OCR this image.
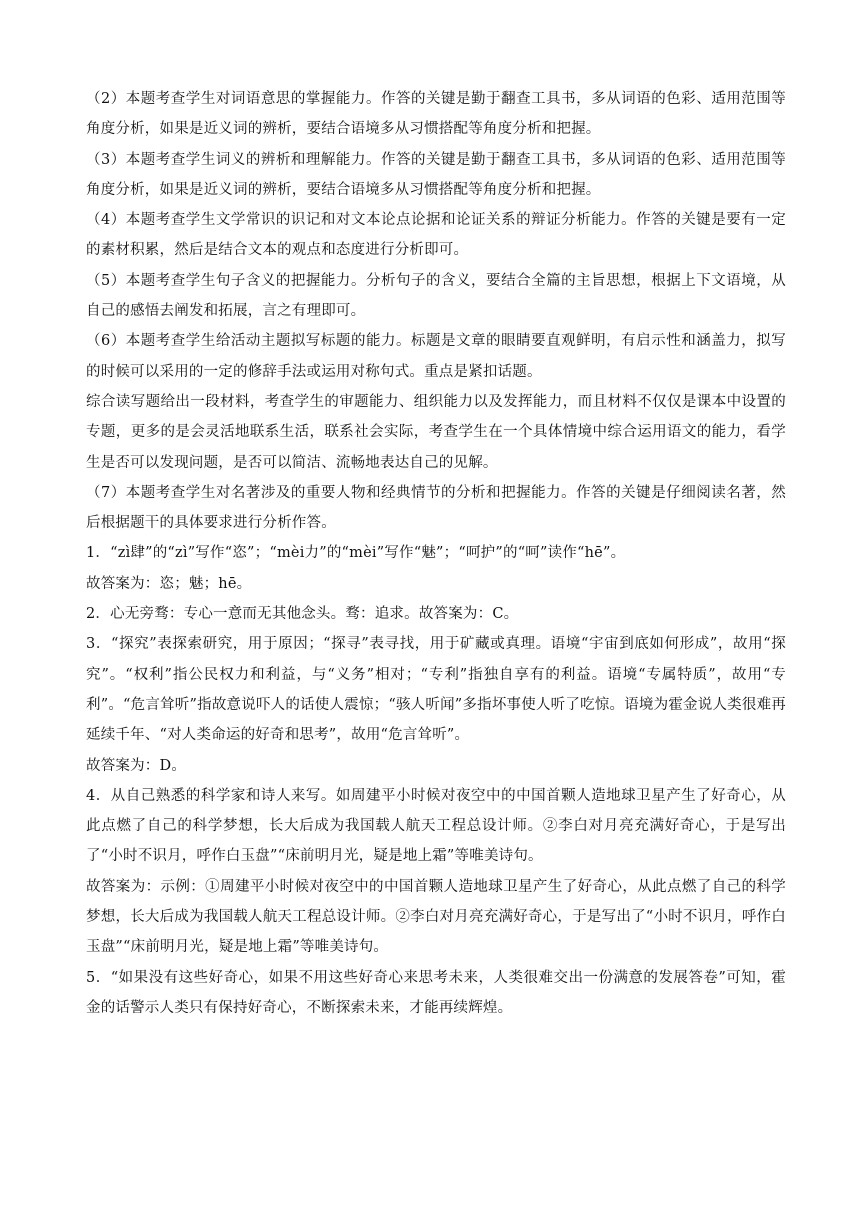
（2）本题考查学生对词语意思的掌握能力。作答的关键是勤于翻查工具书，多从词语的色彩、适用范围等角度分析，如果是近义词的辨析，要结合语境多从习惯搭配等角度分析和把握。

（3）本题考查学生词义的辨析和理解能力。作答的关键是勤于翻查工具书，多从词语的色彩、适用范围等角度分析，如果是近义词的辨析，要结合语境多从习惯搭配等角度分析和把握。

（4）本题考查学生文学常识的识记和对文本论点论据和论证关系的辩证分析能力。作答的关键是要有一定的素材积累，然后是结合文本的观点和态度进行分析即可。

（5）本题考查学生句子含义的把握能力。分析句子的含义，要结合全篇的主旨思想，根据上下文语境，从自己的感悟去阐发和拓展，言之有理即可。

（6）本题考查学生给活动主题拟写标题的能力。标题是文章的眼睛要直观鲜明，有启示性和涵盖力，拟写的时候可以采用的一定的修辞手法或运用对称句式。重点是紧扣话题。

综合读写题给出一段材料，考查学生的审题能力、组织能力以及发挥能力，而且材料不仅仅是课本中设置的专题，更多的是会灵活地联系生活，联系社会实际，考查学生在一个具体情境中综合运用语文的能力，看学生是否可以发现问题，是否可以简洁、流畅地表达自己的见解。

（7）本题考查学生对名著涉及的重要人物和经典情节的分析和把握能力。作答的关键是仔细阅读名著，然后根据题干的具体要求进行分析作答。

1．“zì肆”的“zì”写作“恣”；“mèi力”的“mèi”写作“魅”；“呵护”的“呵”读作“hē”。

故答案为：恣；魅；hē。

2．心无旁骛：专心一意而无其他念头。骛：追求。故答案为：C。

3．“探究”表探索研究，用于原因；“探寻”表寻找，用于矿藏或真理。语境“宇宙到底如何形成”，故用“探究”。“权利”指公民权力和利益，与“义务”相对；“专利”指独自享有的利益。语境“专属特质”，故用“专利”。“危言耸听”指故意说吓人的话使人震惊；“骇人听闻”多指坏事使人听了吃惊。语境为霍金说人类很难再延续千年、“对人类命运的好奇和思考”，故用“危言耸听”。

故答案为：D。

4．从自己熟悉的科学家和诗人来写。如周建平小时候对夜空中的中国首颗人造地球卫星产生了好奇心，从此点燃了自己的科学梦想，长大后成为我国载人航天工程总设计师。②李白对月亮充满好奇心，于是写出了“小时不识月，呼作白玉盘”“床前明月光，疑是地上霜”等唯美诗句。

故答案为：示例：①周建平小时候对夜空中的中国首颗人造地球卫星产生了好奇心，从此点燃了自己的科学梦想，长大后成为我国载人航天工程总设计师。②李白对月亮充满好奇心，于是写出了“小时不识月，呼作白玉盘”“床前明月光，疑是地上霜”等唯美诗句。

5．“如果没有这些好奇心，如果不用这些好奇心来思考未来，人类很难交出一份满意的发展答卷”可知，霍金的话警示人类只有保持好奇心，不断探索未来，才能再续辉煌。
